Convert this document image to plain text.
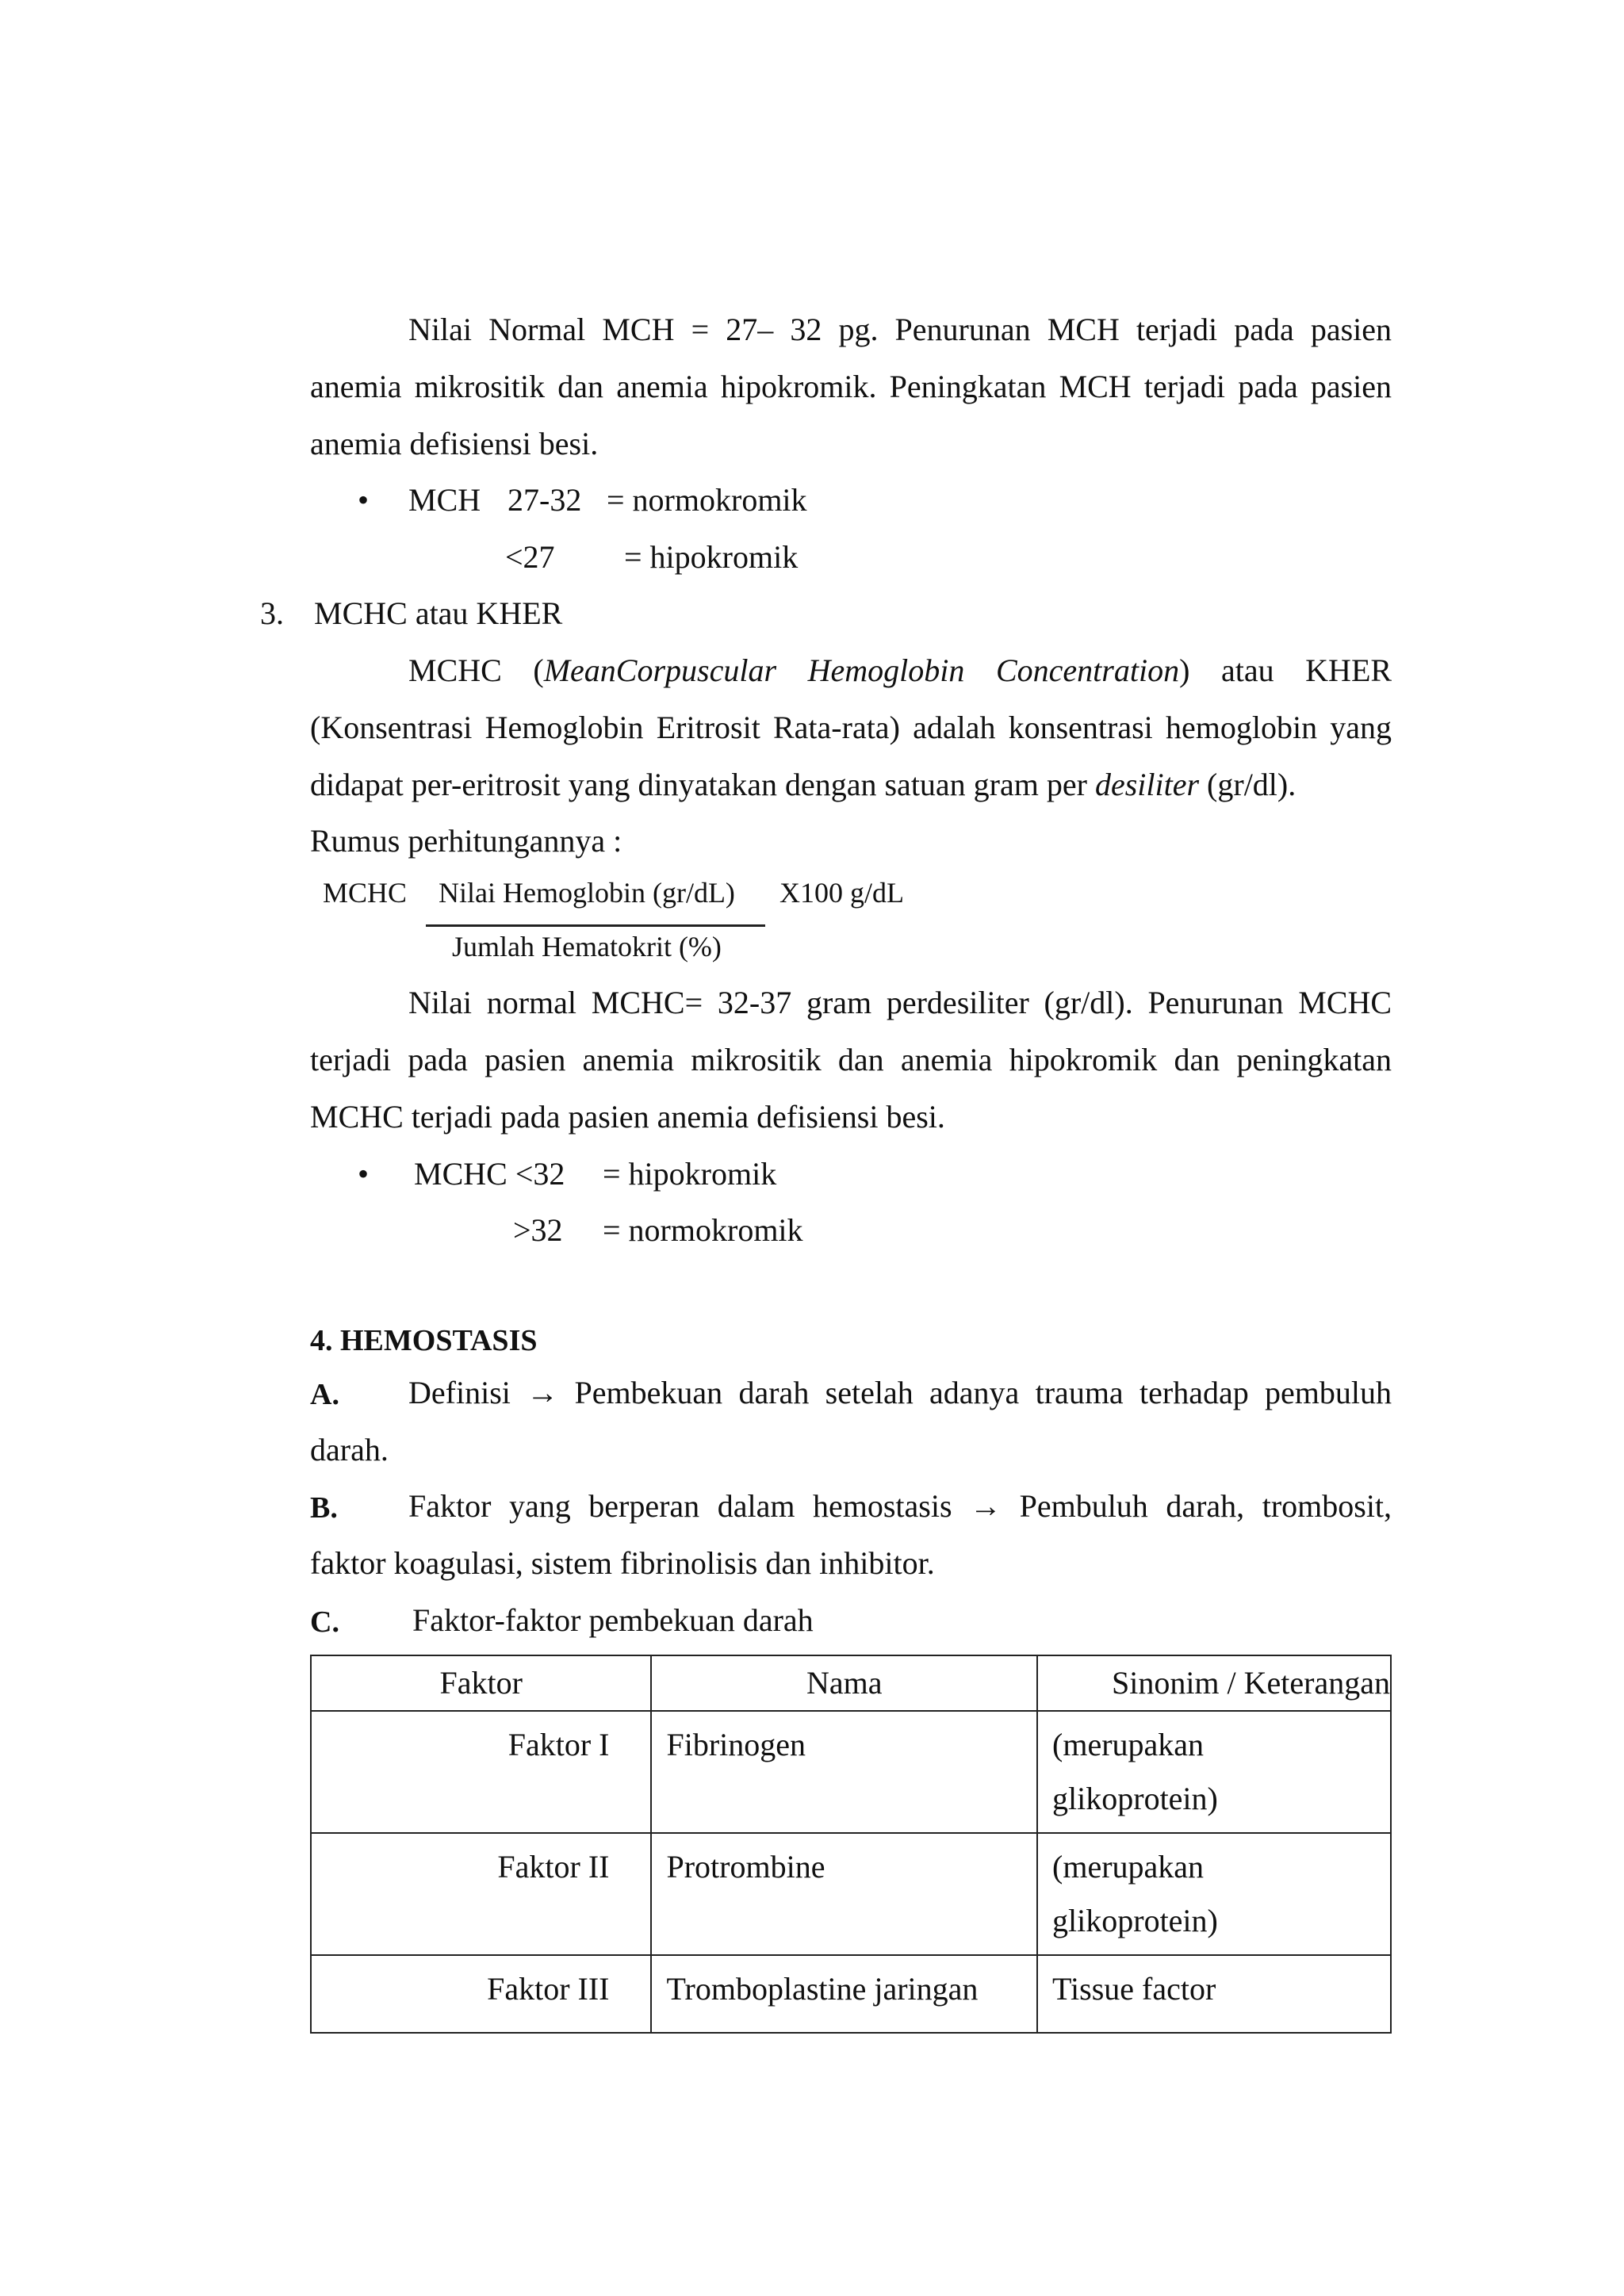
Nilai Normal MCH = 27– 32 pg. Penurunan MCH terjadi pada pasien
anemia mikrositik dan anemia hipokromik. Peningkatan MCH terjadi pada pasien
anemia defisiensi besi.
• MCH 27-32 = normokromik
<27 = hipokromik
3. MCHC atau KHER
MCHC (MeanCorpuscular Hemoglobin Concentration) atau KHER
(Konsentrasi Hemoglobin Eritrosit Rata-rata) adalah konsentrasi hemoglobin yang
didapat per-eritrosit yang dinyatakan dengan satuan gram per desiliter (gr/dl).
Rumus perhitungannya :
MCHC Nilai Hemoglobin (gr/dL) X100 g/dL
Jumlah Hematokrit (%)
Nilai normal MCHC= 32-37 gram perdesiliter (gr/dl). Penurunan MCHC
terjadi pada pasien anemia mikrositik dan anemia hipokromik dan peningkatan
MCHC terjadi pada pasien anemia defisiensi besi.
• MCHC <32 = hipokromik
>32 = normokromik
4. HEMOSTASIS
A. Definisi → Pembekuan darah setelah adanya trauma terhadap pembuluh
darah.
B. Faktor yang berperan dalam hemostasis → Pembuluh darah, trombosit,
faktor koagulasi, sistem fibrinolisis dan inhibitor.
C. Faktor-faktor pembekuan darah
Faktor	Nama	Sinonim / Keterangan
Faktor I	Fibrinogen	(merupakan
glikoprotein)

Faktor II	Protrombine	(merupakan
glikoprotein)

Faktor III	Tromboplastine jaringan	Tissue factor
